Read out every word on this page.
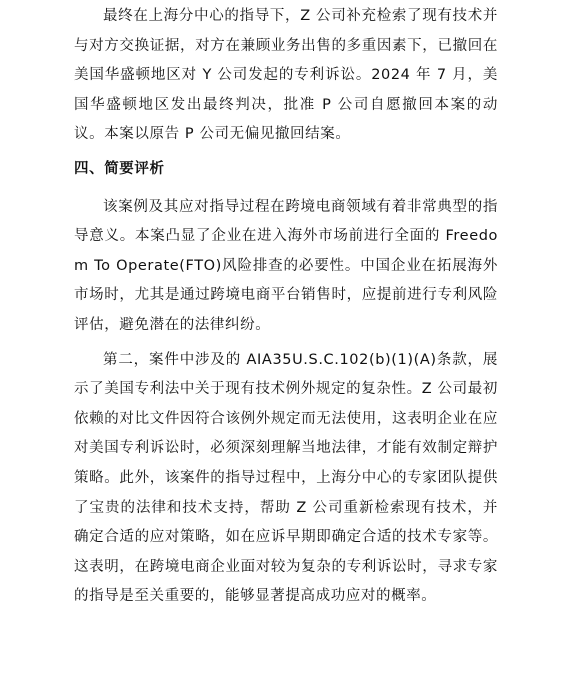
最终在上海分中心的指导下，Z 公司补充检索了现有技术并与对方交换证据，对方在兼顾业务出售的多重因素下，已撤回在美国华盛顿地区对 Y 公司发起的专利诉讼。2024 年 7 月，美国华盛顿地区发出最终判决，批准 P 公司自愿撤回本案的动议。本案以原告 P 公司无偏见撤回结案。

四、简要评析

该案例及其应对指导过程在跨境电商领域有着非常典型的指导意义。本案凸显了企业在进入海外市场前进行全面的 Freedom To Operate(FTO)风险排查的必要性。中国企业在拓展海外市场时，尤其是通过跨境电商平台销售时，应提前进行专利风险评估，避免潜在的法律纠纷。

第二，案件中涉及的 AIA35U.S.C.102(b)(1)(A)条款，展示了美国专利法中关于现有技术例外规定的复杂性。Z 公司最初依赖的对比文件因符合该例外规定而无法使用，这表明企业在应对美国专利诉讼时，必须深刻理解当地法律，才能有效制定辩护策略。此外，该案件的指导过程中，上海分中心的专家团队提供了宝贵的法律和技术支持，帮助 Z 公司重新检索现有技术，并确定合适的应对策略，如在应诉早期即确定合适的技术专家等。这表明，在跨境电商企业面对较为复杂的专利诉讼时，寻求专家的指导是至关重要的，能够显著提高成功应对的概率。
